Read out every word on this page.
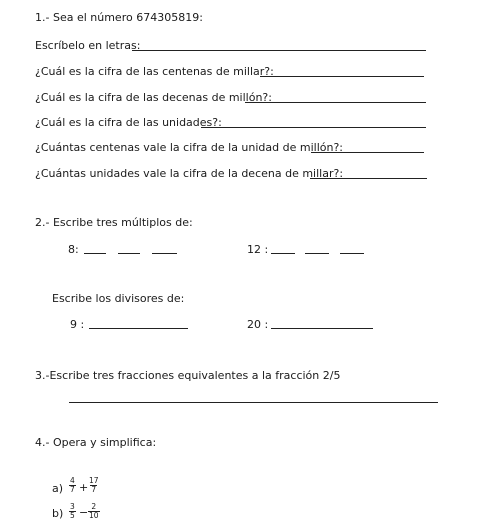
1.- Sea el número 674305819:
Escríbelo en letras:
¿Cuál es la cifra de las centenas de millar?:
¿Cuál es la cifra de las decenas de millón?:
¿Cuál es la cifra de las unidades?:
¿Cuántas centenas vale la cifra de la unidad de millón?:
¿Cuántas unidades vale la cifra de la decena de millar?:
2.- Escribe tres múltiplos de:
8:	12 :
Escribe los divisores de:
9 :	20 :
3.-Escribe tres fracciones equivalentes a la fracción 2/5
4.- Opera y simplifica:
$a) \frac{4}{7} + \frac{17}{7}$
$b) \frac{3}{5} - \frac{2}{10}$
